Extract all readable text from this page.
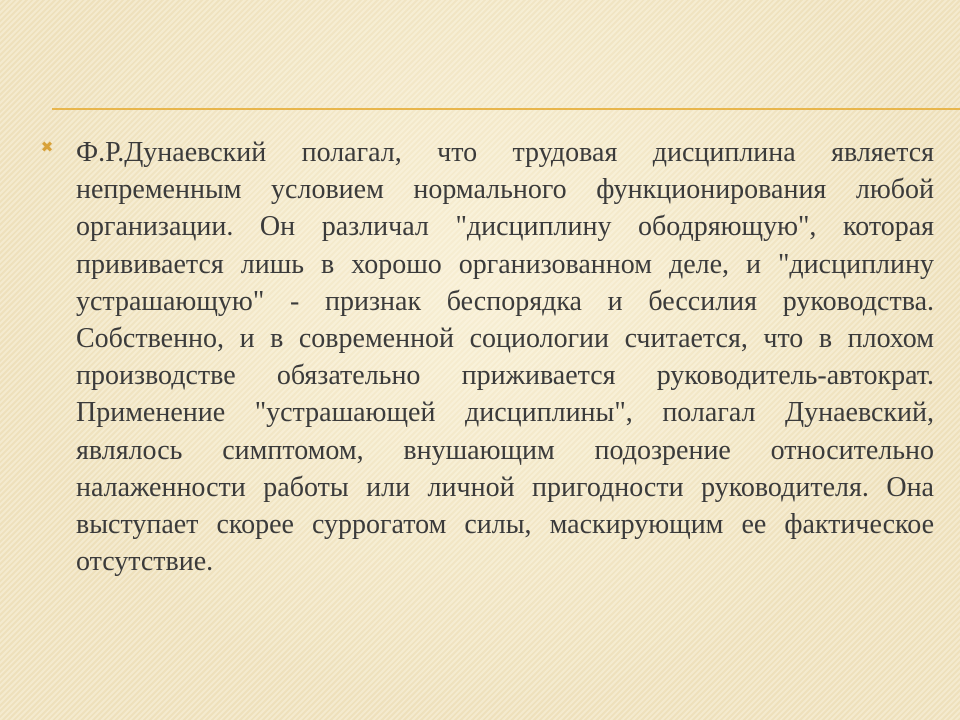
✖ Ф.Р.Дунаевский полагал, что трудовая дисциплина является непременным условием нормального функционирования любой организации. Он различал "дисциплину ободряющую", которая прививается лишь в хорошо организованном деле, и "дисциплину устрашающую" - признак беспорядка и бессилия руководства. Собственно, и в современной социологии считается, что в плохом производстве обязательно приживается руководитель-автократ. Применение "устрашающей дисциплины", полагал Дунаевский, являлось симптомом, внушающим подозрение относительно налаженности работы или личной пригодности руководителя. Она выступает скорее суррогатом силы, маскирующим ее фактическое отсутствие.
